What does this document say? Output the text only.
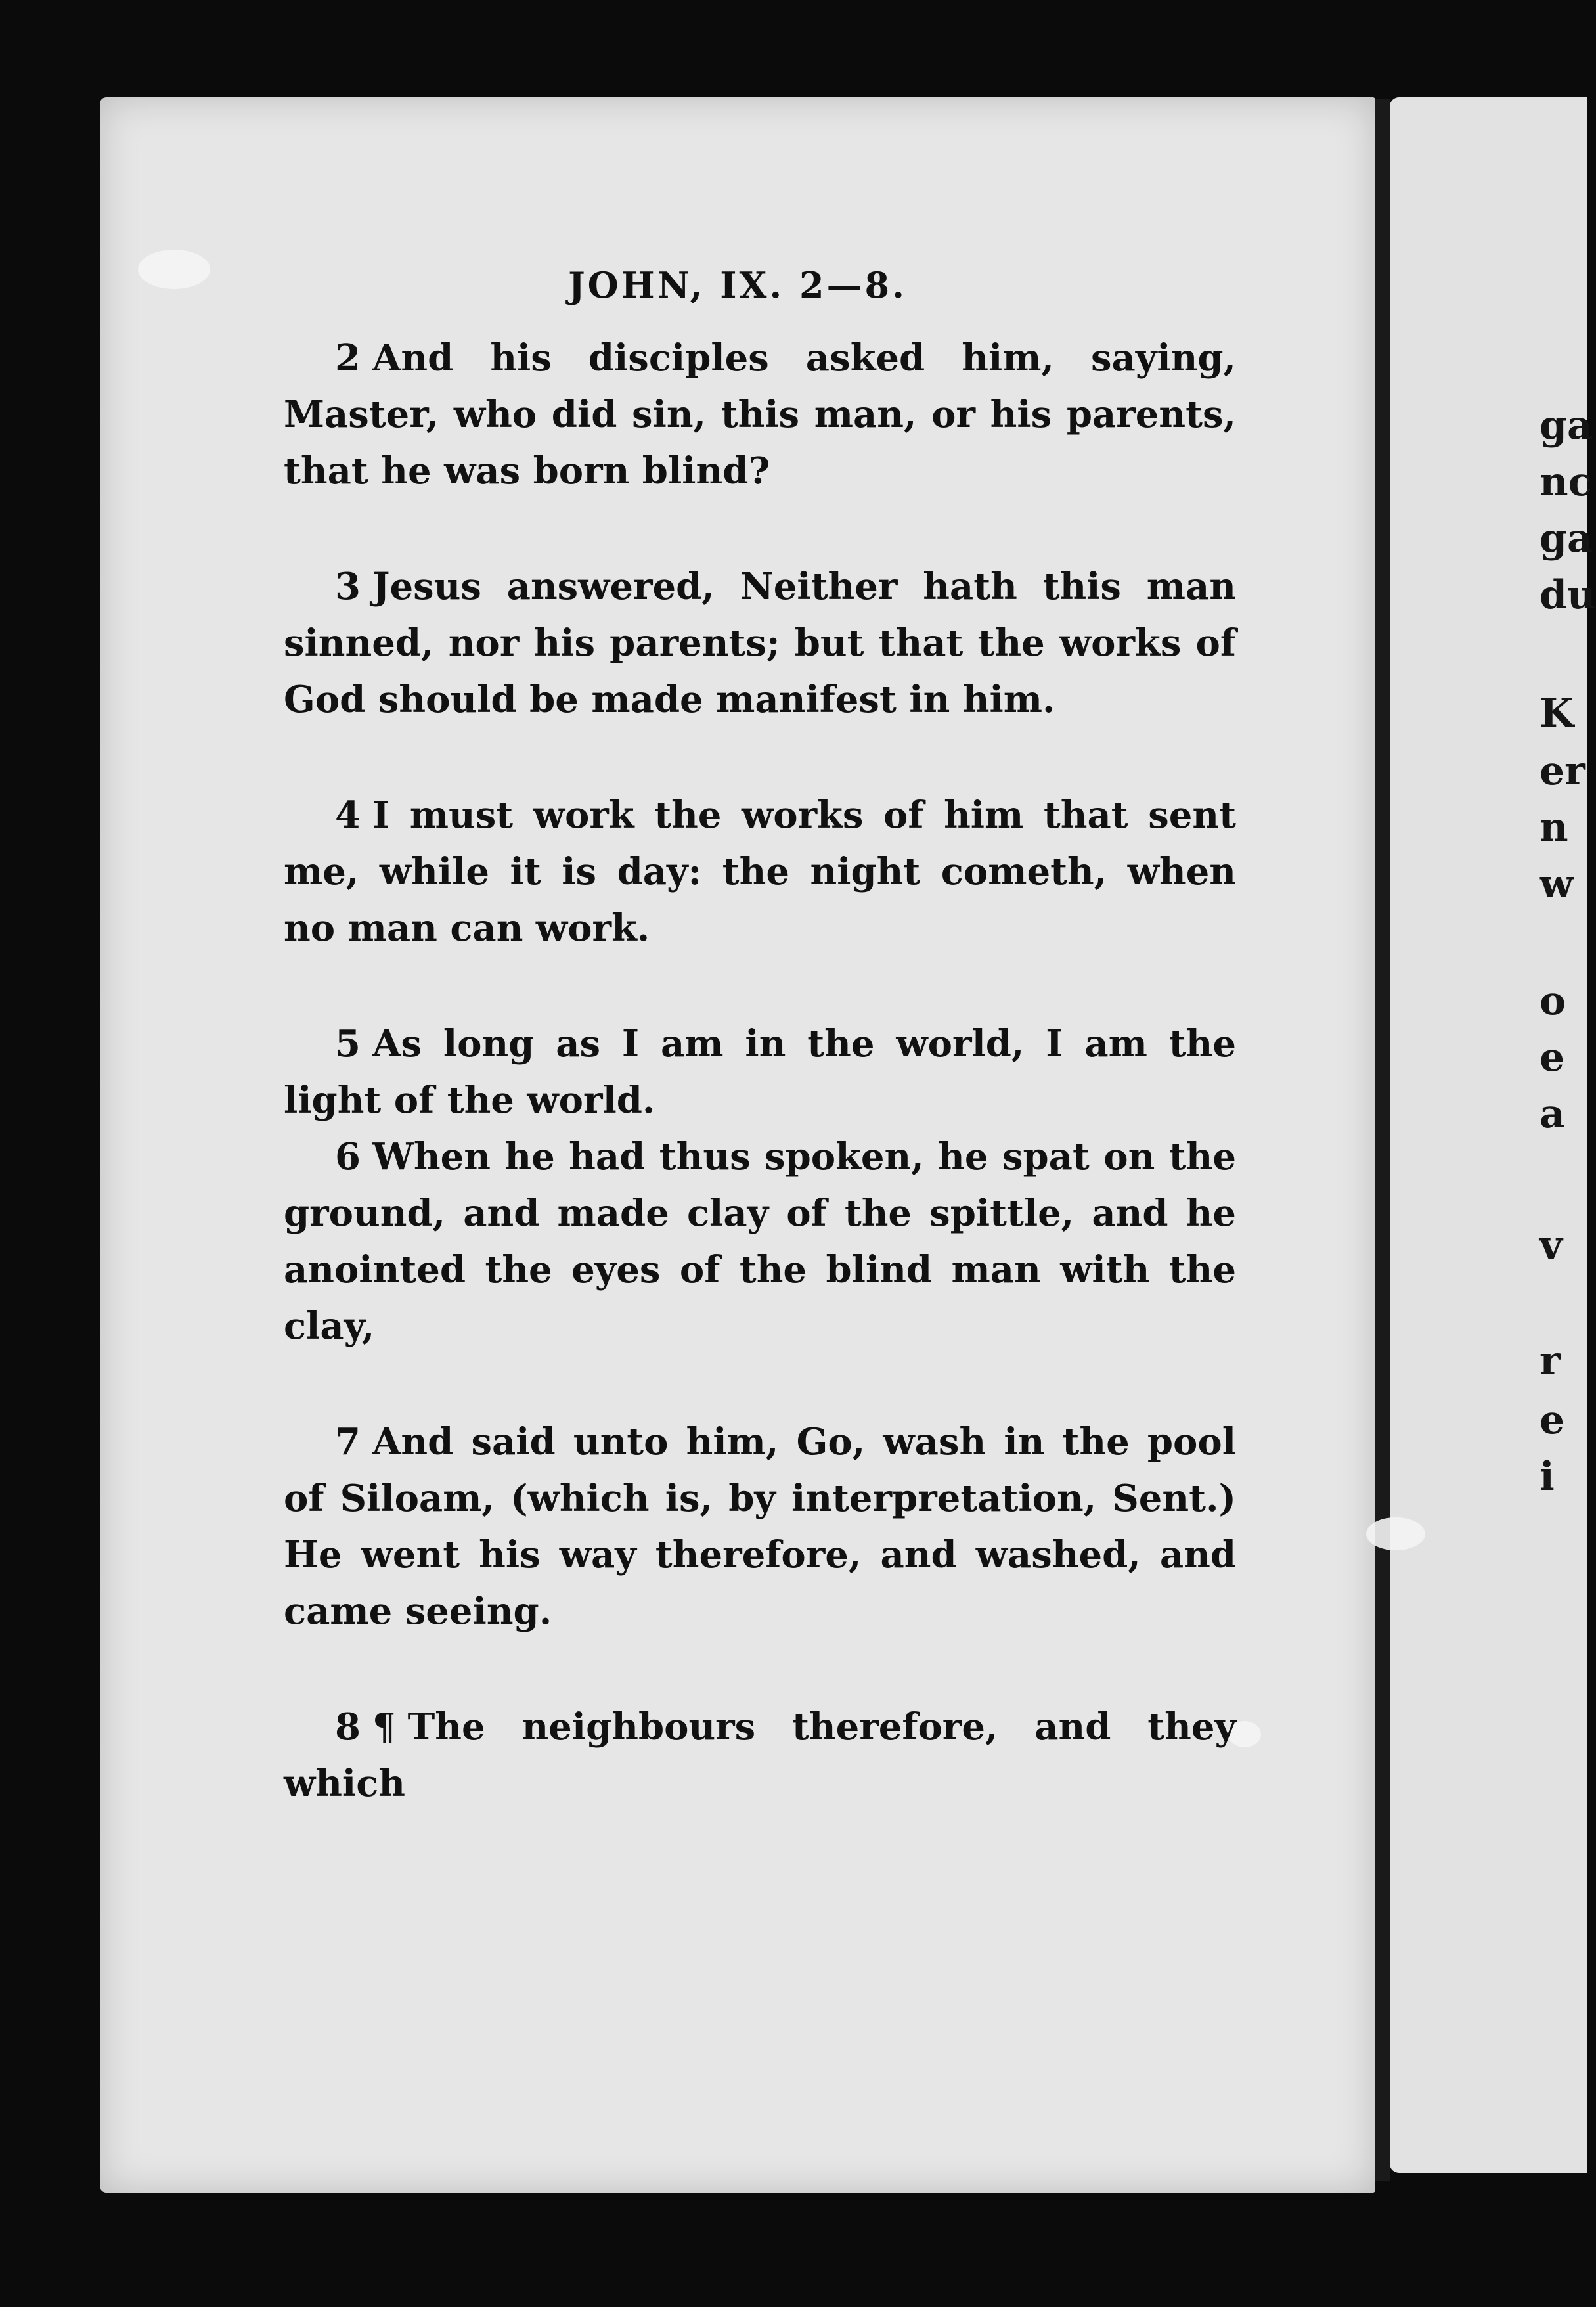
ga
nc
ga
du
K
er
n
w
o
e
a
v
r
e
i
JOHN, IX. 2—8.

2 And his disciples asked him, saying, Master, who did sin, this man, or his parents, that he was born blind?

3 Jesus answered, Neither hath this man sinned, nor his parents; but that the works of God should be made manifest in him.

4 I must work the works of him that sent me, while it is day: the night cometh, when no man can work.

5 As long as I am in the world, I am the light of the world.

6 When he had thus spoken, he spat on the ground, and made clay of the spittle, and he anointed the eyes of the blind man with the clay,

7 And said unto him, Go, wash in the pool of Siloam, (which is, by interpretation, Sent.) He went his way therefore, and washed, and came seeing.

8 ¶ The neighbours therefore, and they which
